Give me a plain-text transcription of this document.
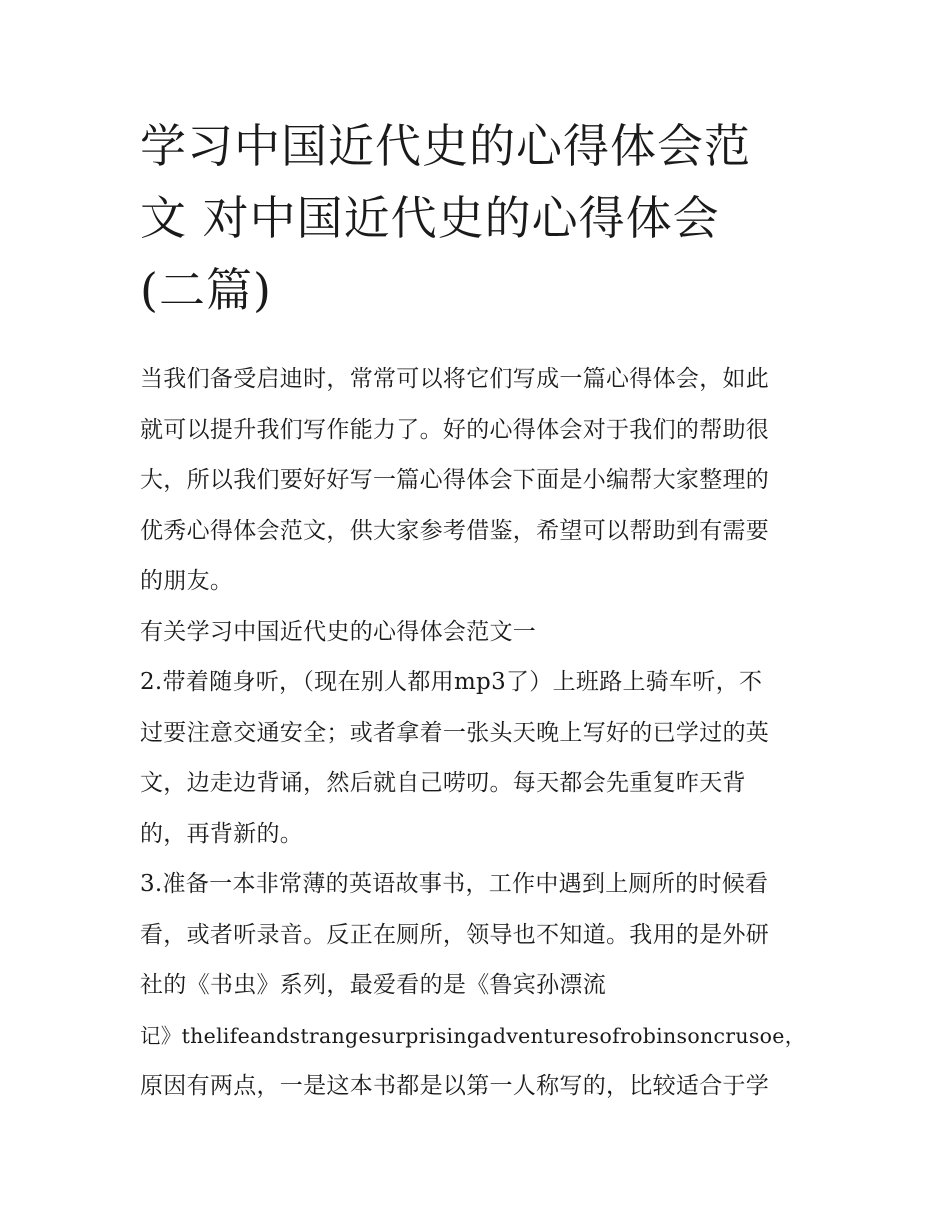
学习中国近代史的心得体会范
文 对中国近代史的心得体会
(二篇)
当我们备受启迪时，常常可以将它们写成一篇心得体会，如此
就可以提升我们写作能力了。好的心得体会对于我们的帮助很
大，所以我们要好好写一篇心得体会下面是小编帮大家整理的
优秀心得体会范文，供大家参考借鉴，希望可以帮助到有需要
的朋友。
有关学习中国近代史的心得体会范文一
2.带着随身听，（现在别人都用mp3了）上班路上骑车听，不
过要注意交通安全；或者拿着一张头天晚上写好的已学过的英
文，边走边背诵，然后就自己唠叨。每天都会先重复昨天背
的，再背新的。
3.准备一本非常薄的英语故事书，工作中遇到上厕所的时候看
看，或者听录音。反正在厕所，领导也不知道。我用的是外研
社的《书虫》系列，最爱看的是《鲁宾孙漂流
记》thelifeandstrangesurprisingadventuresofrobinsoncrusoe，
原因有两点，一是这本书都是以第一人称写的，比较适合于学
